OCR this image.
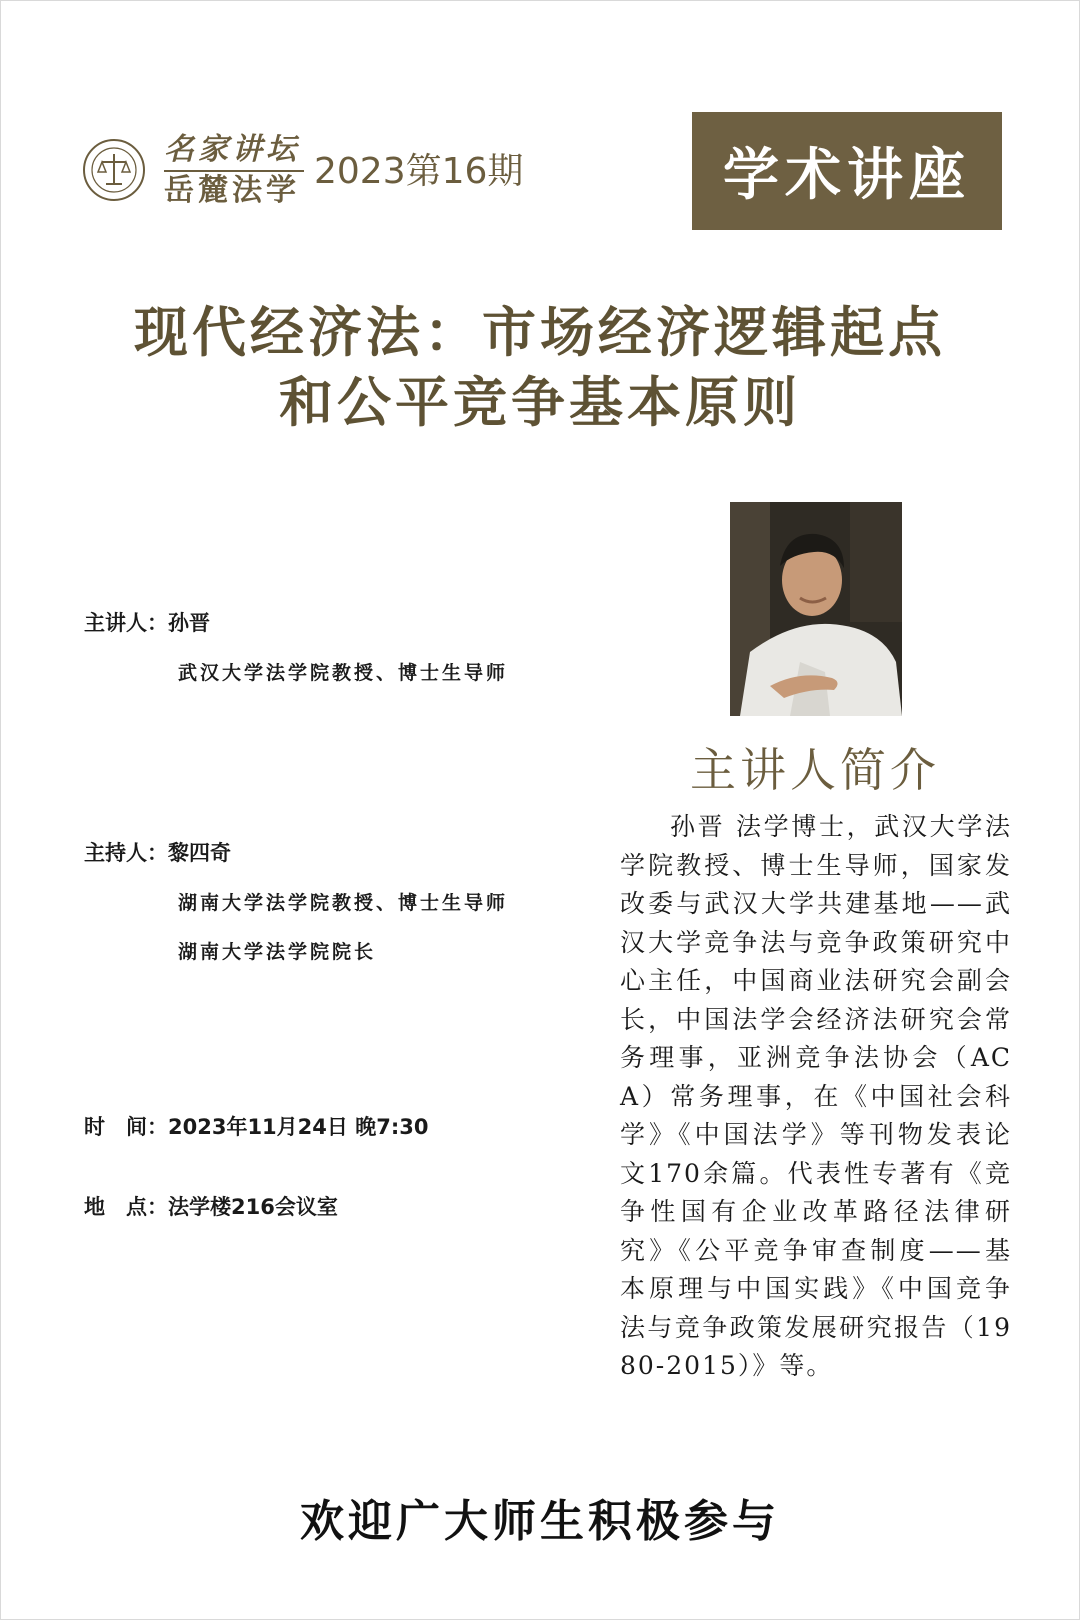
名家讲坛
岳麓法学 2023第16期	学术讲座
现代经济法：市场经济逻辑起点
和公平竞争基本原则
主讲人：孙晋
武汉大学法学院教授、博士生导师
主持人：黎四奇
湖南大学法学院教授、博士生导师
湖南大学法学院院长
时　间：2023年11月24日 晚7:30
地　点：法学楼216会议室
主讲人简介
孙晋 法学博士，武汉大学法学院教授、博士生导师，国家发改委与武汉大学共建基地——武汉大学竞争法与竞争政策研究中心主任，中国商业法研究会副会长，中国法学会经济法研究会常务理事，亚洲竞争法协会（ACA）常务理事，在《中国社会科学》《中国法学》等刊物发表论文170余篇。代表性专著有《竞争性国有企业改革路径法律研究》《公平竞争审查制度——基本原理与中国实践》《中国竞争法与竞争政策发展研究报告（1980-2015）》等。
欢迎广大师生积极参与
